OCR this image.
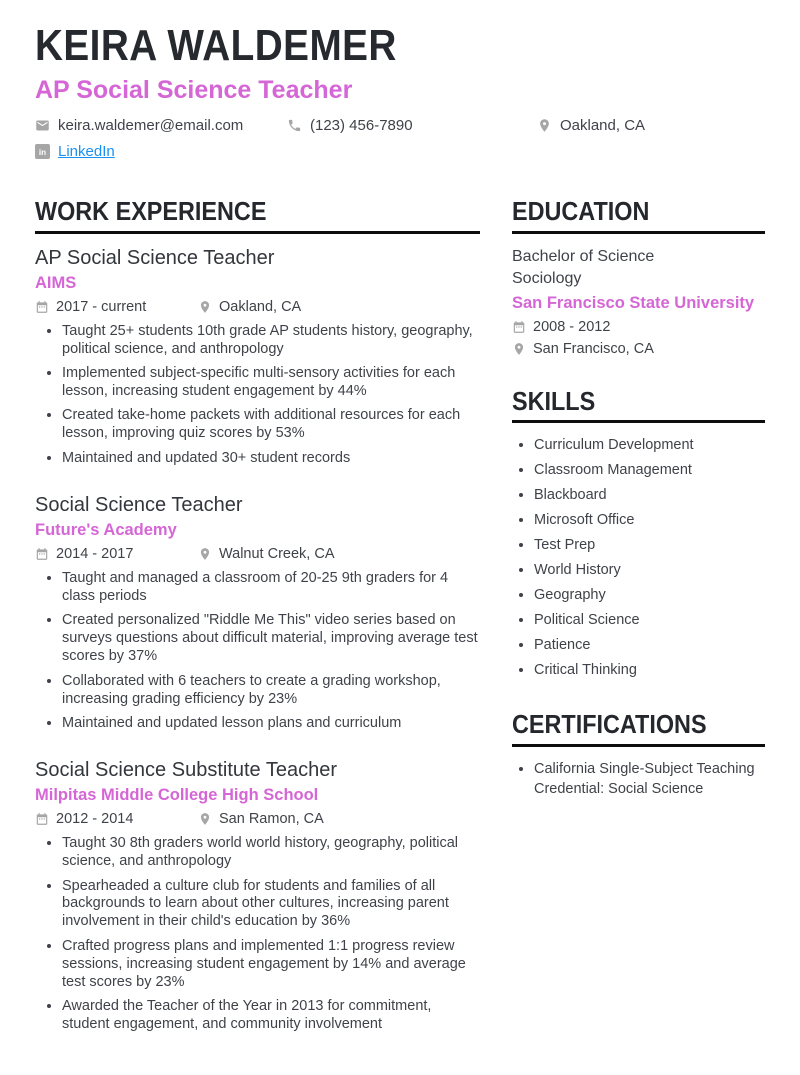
KEIRA WALDEMER
AP Social Science Teacher
keira.waldemer@email.com	(123) 456-7890	Oakland, CA
in LinkedIn
WORK EXPERIENCE
AP Social Science Teacher
AIMS
2017 - current	Oakland, CA
• Taught 25+ students 10th grade AP students history, geography, political science, and anthropology
• Implemented subject-specific multi-sensory activities for each lesson, increasing student engagement by 44%
• Created take-home packets with additional resources for each lesson, improving quiz scores by 53%
• Maintained and updated 30+ student records
Social Science Teacher
Future's Academy
2014 - 2017	Walnut Creek, CA
• Taught and managed a classroom of 20-25 9th graders for 4 class periods
• Created personalized "Riddle Me This" video series based on surveys questions about difficult material, improving average test scores by 37%
• Collaborated with 6 teachers to create a grading workshop, increasing grading efficiency by 23%
• Maintained and updated lesson plans and curriculum
Social Science Substitute Teacher
Milpitas Middle College High School
2012 - 2014	San Ramon, CA
• Taught 30 8th graders world world history, geography, political science, and anthropology
• Spearheaded a culture club for students and families of all backgrounds to learn about other cultures, increasing parent involvement in their child's education by 36%
• Crafted progress plans and implemented 1:1 progress review sessions, increasing student engagement by 14% and average test scores by 23%
• Awarded the Teacher of the Year in 2013 for commitment, student engagement, and community involvement
EDUCATION
Bachelor of Science
Sociology
San Francisco State University
2008 - 2012
San Francisco, CA
SKILLS
• Curriculum Development
• Classroom Management
• Blackboard
• Microsoft Office
• Test Prep
• World History
• Geography
• Political Science
• Patience
• Critical Thinking
CERTIFICATIONS
• California Single-Subject Teaching Credential: Social Science
